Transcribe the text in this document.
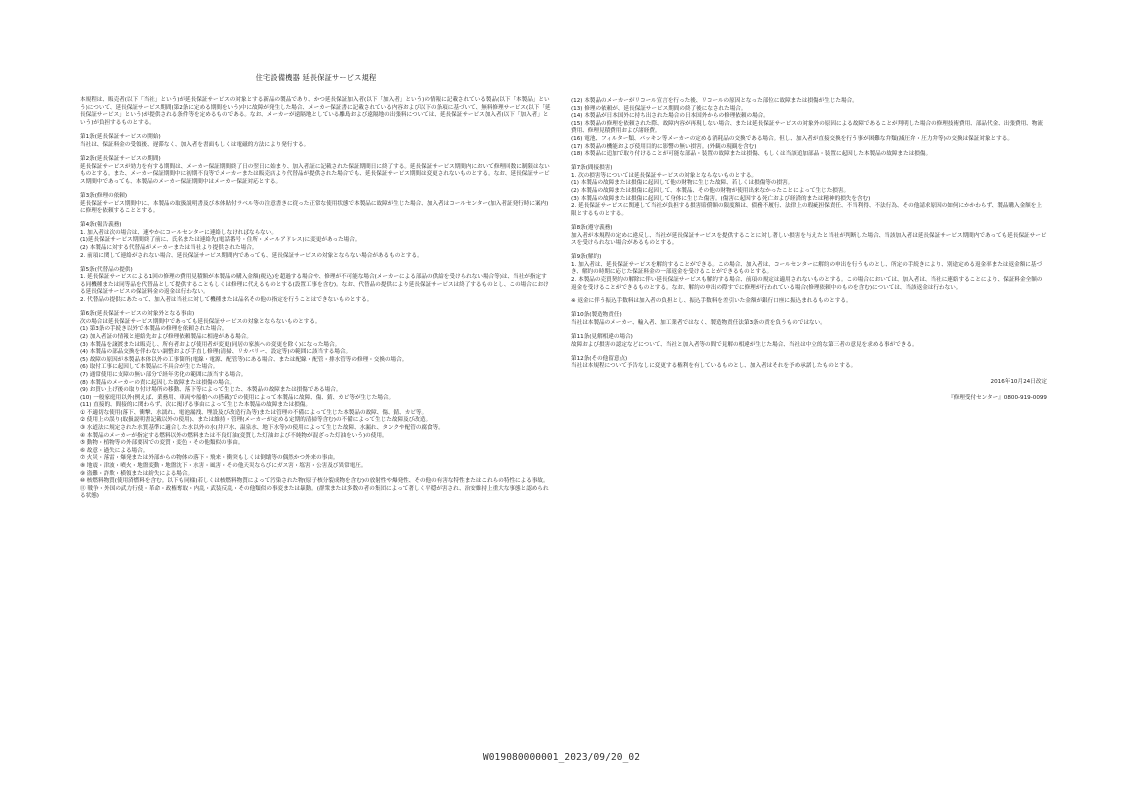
住宅設備機器 延長保証サービス規程
本規程は、販売者(以下「当社」という)が延長保証サービスの対象とする新品の製品であり、かつ延長保証加入者(以下「加入者」という)の情報に記載されている製品(以下「本製品」という)について、延長保証サービス期間(第2条に定める期間をいう)中に故障が発生した場合、メーカー保証書に記載されている内容および以下の条項に基づいて、無料修理サービス(以下「延長保証サービス」という)が提供される条件等を定めるものである。なお、メーカーが遠隔地としている離島および遠隔地の出張料については、延長保証サービス加入者(以下「加入者」という)が負担するものとする。
第1条(延長保証サービスの開始)
当社は、保証料金の受領後、遅滞なく、加入者を書面もしくは電磁的方法により発行する。
第2条(延長保証サービスの期間)
延長保証サービスが効力を有する期間は、メーカー保証期間終了日の翌日に始まり、加入者証に記載された保証期間日に終了する。延長保証サービス期間内において修理回数に制限はないものとする。また、メーカー保証期間中に初期不良等でメーカーまたは販売店より代替品が提供された場合でも、延長保証サービス期間は変更されないものとする。なお、延長保証サービス期間中であっても、本製品のメーカー保証期間中はメーカー保証対応とする。
第3条(修理の依頼)
延長保証サービス期間中に、本製品の取扱説明書及び本体貼付ラベル等の注意書きに従った正常な使用状態で本製品に故障が生じた場合、加入者はコールセンター(加入者証発行時に案内)に修理を依頼することとする。
第4条(報告義務)
1. 加入者は次の場合は、速やかにコールセンターに連絡しなければならない。
(1)延長保証サービス期間終了前に、氏名または連絡先(電話番号・住所・メールアドレス)に変更があった場合。
(2) 本製品に対する代替品がメーカーまたは当社より提供された場合。
2. 前項に関して連絡がされない場合、延長保証サービス期間内であっても、延長保証サービスの対象とならない場合があるものとする。
第5条(代替品の提供)
1. 延長保証サービスによる1回の修理の費用見積額が本製品の購入金額(税込)を超過する場合や、修理が不可能な場合(メーカーによる部品の供給を受けられない場合等)は、当社が指定する同機種または同等品を代替品として提供することもしくは修理に代えるものとする(設置工事を含む)。なお、代替品の提供により延長保証サービスは終了するものとし、この場合における延長保証サービスの保証料金の返金は行わない。
2. 代替品の提供にあたって、加入者は当社に対して機種または品名その他の指定を行うことはできないものとする。
第6条(延長保証サービスの対象外となる事由)
次の場合は延長保証サービス期間中であっても延長保証サービスの対象とならないものとする。
(1) 第3条の手続き以外で本製品の修理を依頼された場合。
(2) 加入者証の情報と連絡先および修理依頼製品に相違がある場合。
(3) 本製品を譲渡または販売し、所有者および使用者が変更(同居の家族への変更を除く)になった場合。
(4) 本製品の部品交換を伴わない調整および手直し修理(清掃、リカバリー、設定等)の範囲に該当する場合。
(5) 故障の原因が本製品本体以外の工事箇所(電線・電源、配管等)にある場合、または配線・配管・排水管等の修理・交換の場合。
(6) 取付工事に起因して本製品に不具合が生じた場合。
(7) 通常使用に支障の無い部分で経年劣化の範囲に該当する場合。
(8) 本製品のメーカーの責に起因した故障または損傷の場合。
(9) お買い上げ後の取り付け場所の移動、落下等によって生じた、本製品の故障または損傷である場合。
(10) 一般家庭用以外(例えば、業務用、車両や船舶への搭載)での使用によって本製品に故障、傷、錆、カビ等が生じた場合。
(11) 直接的、間接的に関わらず、次に掲げる事由によって生じた本製品の故障または損傷。
① 不適切な使用(落下、衝撃、水濡れ、電池漏洩、埋設及び改造行為等)または管理の不備によって生じた本製品の故障、傷、錆、カビ等。
② 使用上の誤り(取扱説明書記載以外の使用)、または維持・管理(メーカーが定める定期的清掃等含む)の不備によって生じた故障及び改造。
③ 水道法に規定された水質基準に適合した水以外の水(井戸水、温泉水、地下水等)の使用によって生じた故障、水漏れ、タンクや配管の腐食等。
④ 本製品のメーカーが指定する燃料以外の燃料または不良灯油(変質した灯油および不純物が混ざった灯油をいう)の使用。
⑤ 動物・植物等の外部要因での変質・変色・その他類似の事由。
⑥ 故意・過失による場合。
⑦ 火災・落雷・爆発または外部からの物体の落下・飛来・衝突もしくは倒壊等の偶然かつ外来の事由。
⑧ 地震・津波・噴火・地盤変動・地盤沈下・水害・風害・その他天災ならびにガス害・塩害・公害及び異常電圧。
⑨ 盗難・詐欺・横領または紛失による場合。
⑩ 核燃料物質(使用済燃料を含む。以下も同様)若しくは核燃料物質によって汚染された物(原子核分裂成物を含む)の放射性や爆発性、その他の有害な特性またはこれらの特性による事故。
⑪ 戦争・外国の武力行使・革命・政権奪取・内乱・武装反乱・その他類似の事変または暴動。(群衆または多数の者の集団によって著しく平穏が害され、治安維持上重大な事態と認められる状態)
(12) 本製品のメーカーがリコール宣言を行った後、リコールの原因となった部位に故障または損傷が生じた場合。
(13) 修理の依頼が、延長保証サービス期間の終了後になされた場合。
(14) 本製品が日本国外に持ち出された場合の日本国外からの修理依頼の場合。
(15) 本製品の修理を依頼された際、故障内容が再現しない場合、または延長保証サービスの対象外の原因による故障であることが判明した場合の修理技術費用、部品代金、出張費用、物流費用、修理見積費用および諸経費。
(16) 電池、フィルター類、パッキン等メーカーの定める消耗品の交換である場合。但し、加入者が直接交換を行う事が困難な弁類(減圧弁・圧力弁等)の交換は保証対象とする。
(17) 本製品の機能および使用目的に影響の無い損害。(外観の現観を含む)
(18) 本製品に追加で取り付けることが可能な部品・装置の故障または損傷、もしくは当該追加部品・装置に起因した本製品の故障または損傷。
第7条(間接損害)
1. 次の損害等については延長保証サービスの対象とならないものとする。
(1) 本製品の故障または損傷に起因して他の財物に生じた故障、若しくは損傷等の損害。
(2) 本製品の故障または損傷に起因して、本製品、その他の財物が使用出来なかったことによって生じた損害。
(3) 本製品の故障または損傷に起因して身体に生じた傷害。(傷害に起因する死亡および経済的または精神的損失を含む)
2. 延長保証サービスに関連して当社が負担する損害賠償額の限度額は、債務不履行、法律上の瑕疵担保責任、不当利得、不法行為、その他請求原因の如何にかかわらず、製品購入金額を上限とするものとする。
第8条(遵守義務)
加入者が本規程の定めに違反し、当社が延長保証サービスを提供することに対し著しい損害を与えたと当社が判断した場合、当該加入者は延長保証サービス期間内であっても延長保証サービスを受けられない場合があるものとする。
第9条(解約)
1. 加入者は、延長保証サービスを解約することができる。この場合、加入者は、コールセンターに解約の申出を行うものとし、所定の手続きにより、別途定める返金率または返金額に基づき、解約の時期に応じた保証料金の一部返金を受けることができるものとする。
2. 本製品の売買契約の解除に伴い延長保証サービスも解約する場合、前項の規定は適用されないものとする。この場合においては、加入者は、当社に連絡することにより、保証料金全額の返金を受けることができるものとする。なお、解約の申出の際すでに修理が行われている場合(修理依頼中のものを含む)については、当該返金は行わない。
※ 返金に伴う振込手数料は加入者の負担とし、振込手数料を差引いた金額が銀行口座に振込まれるものとする。
第10条(製造物責任)
当社は本製品のメーカー、輸入者、加工業者ではなく、製造物責任法第3条の責を負うものではない。
第11条(見解相違の場合)
故障および損害の認定などについて、当社と加入者等の間で見解の相違が生じた場合、当社は中立的な第三者の意見を求める事ができる。
第12条(その他留意点)
当社は本規程について予告なしに変更する権利を有しているものとし、加入者はそれを予め承諾したものとする。
2016年10月24日改定
『修理受付センター』0800-919-0099
W019080000001_2023/09/20_02
